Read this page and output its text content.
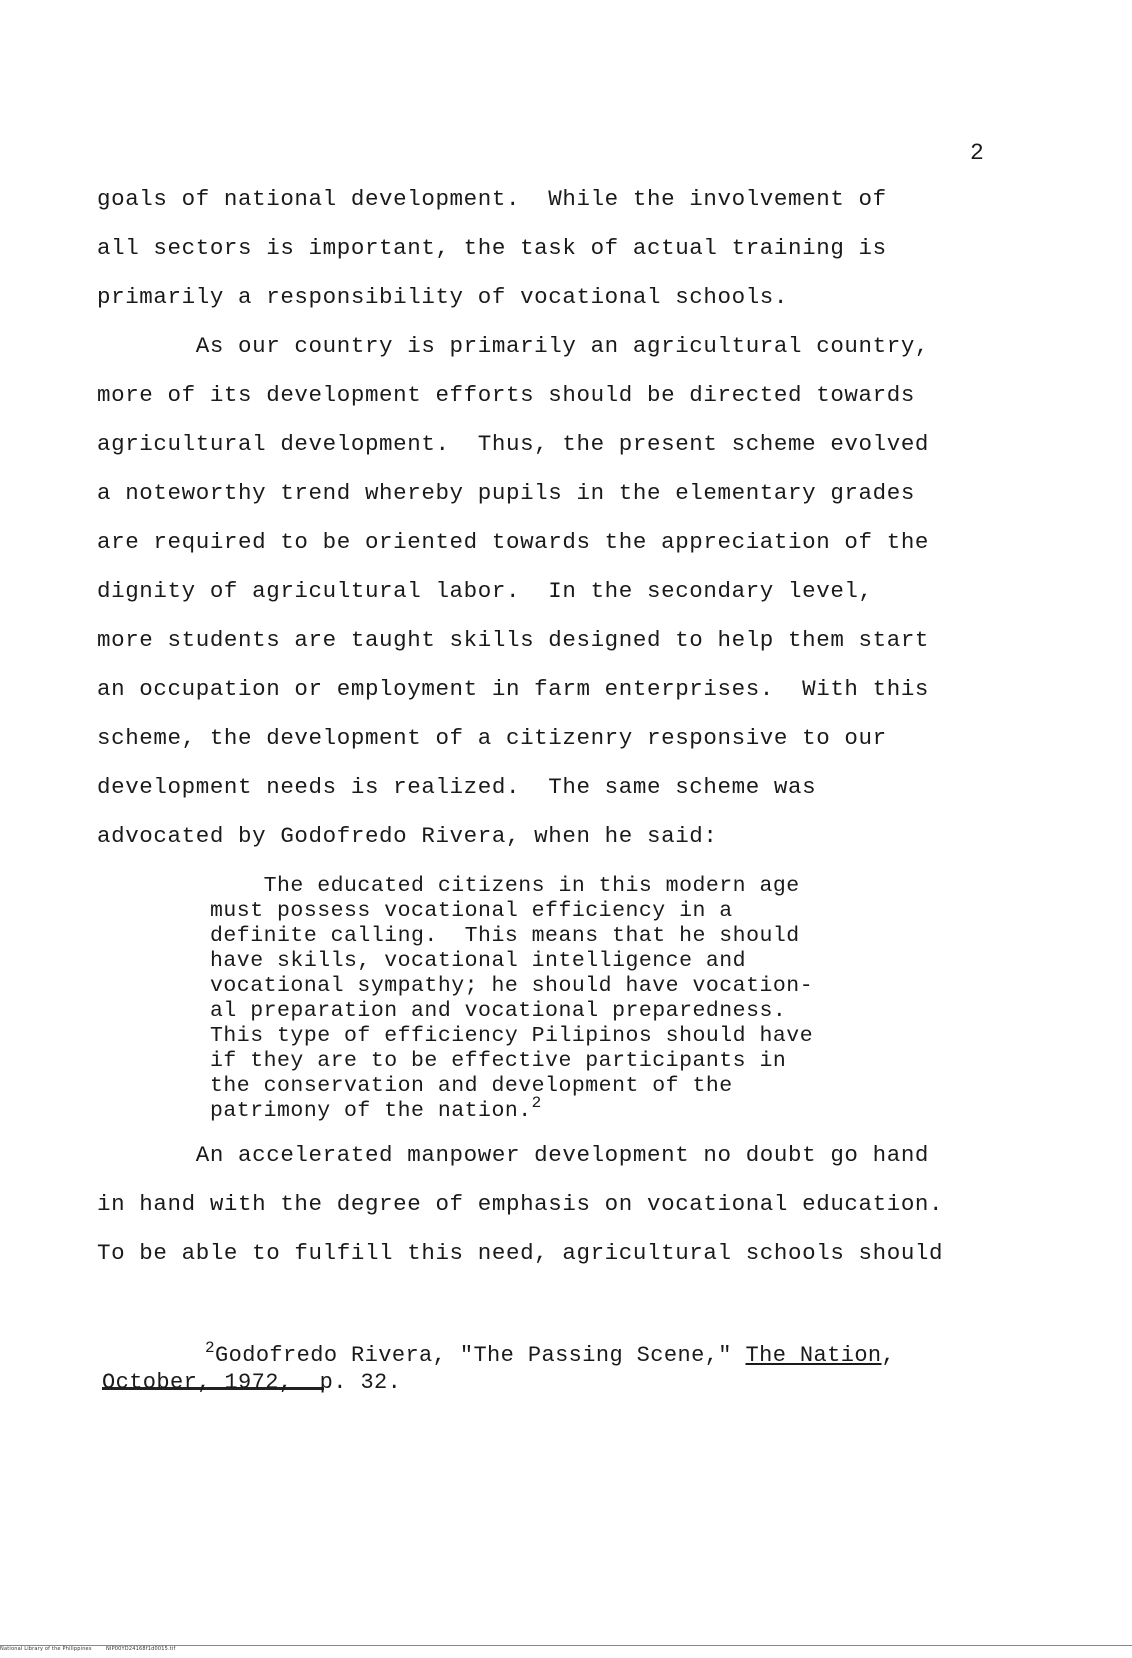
2
goals of national development.  While the involvement of
all sectors is important, the task of actual training is
primarily a responsibility of vocational schools.
As our country is primarily an agricultural country,
more of its development efforts should be directed towards
agricultural development.  Thus, the present scheme evolved
a noteworthy trend whereby pupils in the elementary grades
are required to be oriented towards the appreciation of the
dignity of agricultural labor.  In the secondary level,
more students are taught skills designed to help them start
an occupation or employment in farm enterprises.  With this
scheme, the development of a citizenry responsive to our
development needs is realized.  The same scheme was
advocated by Godofredo Rivera, when he said:
The educated citizens in this modern age
must possess vocational efficiency in a
definite calling.  This means that he should
have skills, vocational intelligence and
vocational sympathy; he should have vocation-
al preparation and vocational preparedness.
This type of efficiency Pilipinos should have
if they are to be effective participants in
the conservation and development of the
patrimony of the nation.$^2$
An accelerated manpower development no doubt go hand
in hand with the degree of emphasis on vocational education.
To be able to fulfill this need, agricultural schools should
$^2$Godofredo Rivera, "The Passing Scene," The Nation,
October, 1972,  p. 32.
National Library of the Philippines        NIP00YD24168f1d0015.tif
